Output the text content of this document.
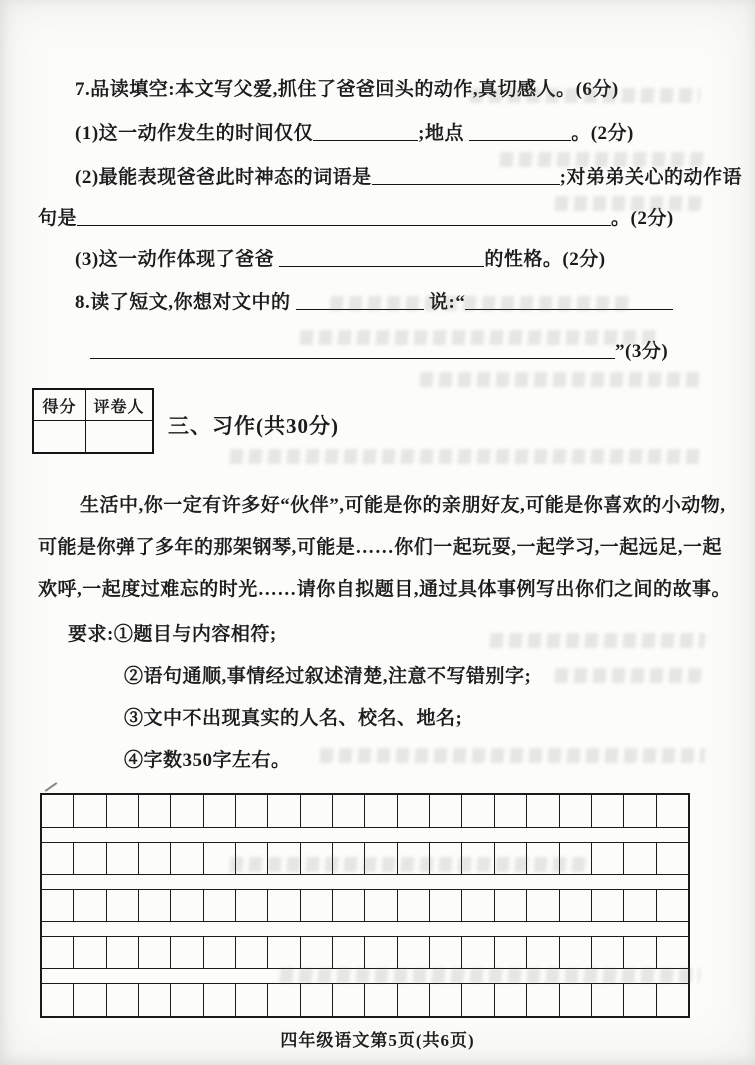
7.品读填空:本文写父爱,抓住了爸爸回头的动作,真切感人。(6分)
(1)这一动作发生的时间仅仅	;地点	。(2分)
(2)最能表现爸爸此时神态的词语是	;对弟弟关心的动作语
句是	。(2分)
(3)这一动作体现了爸爸	的性格。(2分)
8.读了短文,你想对文中的	说:“
”(3分)
得分	评卷人
三、习作(共30分)
生活中,你一定有许多好“伙伴”,可能是你的亲朋好友,可能是你喜欢的小动物,
可能是你弹了多年的那架钢琴,可能是……你们一起玩耍,一起学习,一起远足,一起
欢呼,一起度过难忘的时光……请你自拟题目,通过具体事例写出你们之间的故事。
要求:①题目与内容相符;
②语句通顺,事情经过叙述清楚,注意不写错别字;
③文中不出现真实的人名、校名、地名;
④字数350字左右。
四年级语文第5页(共6页)
